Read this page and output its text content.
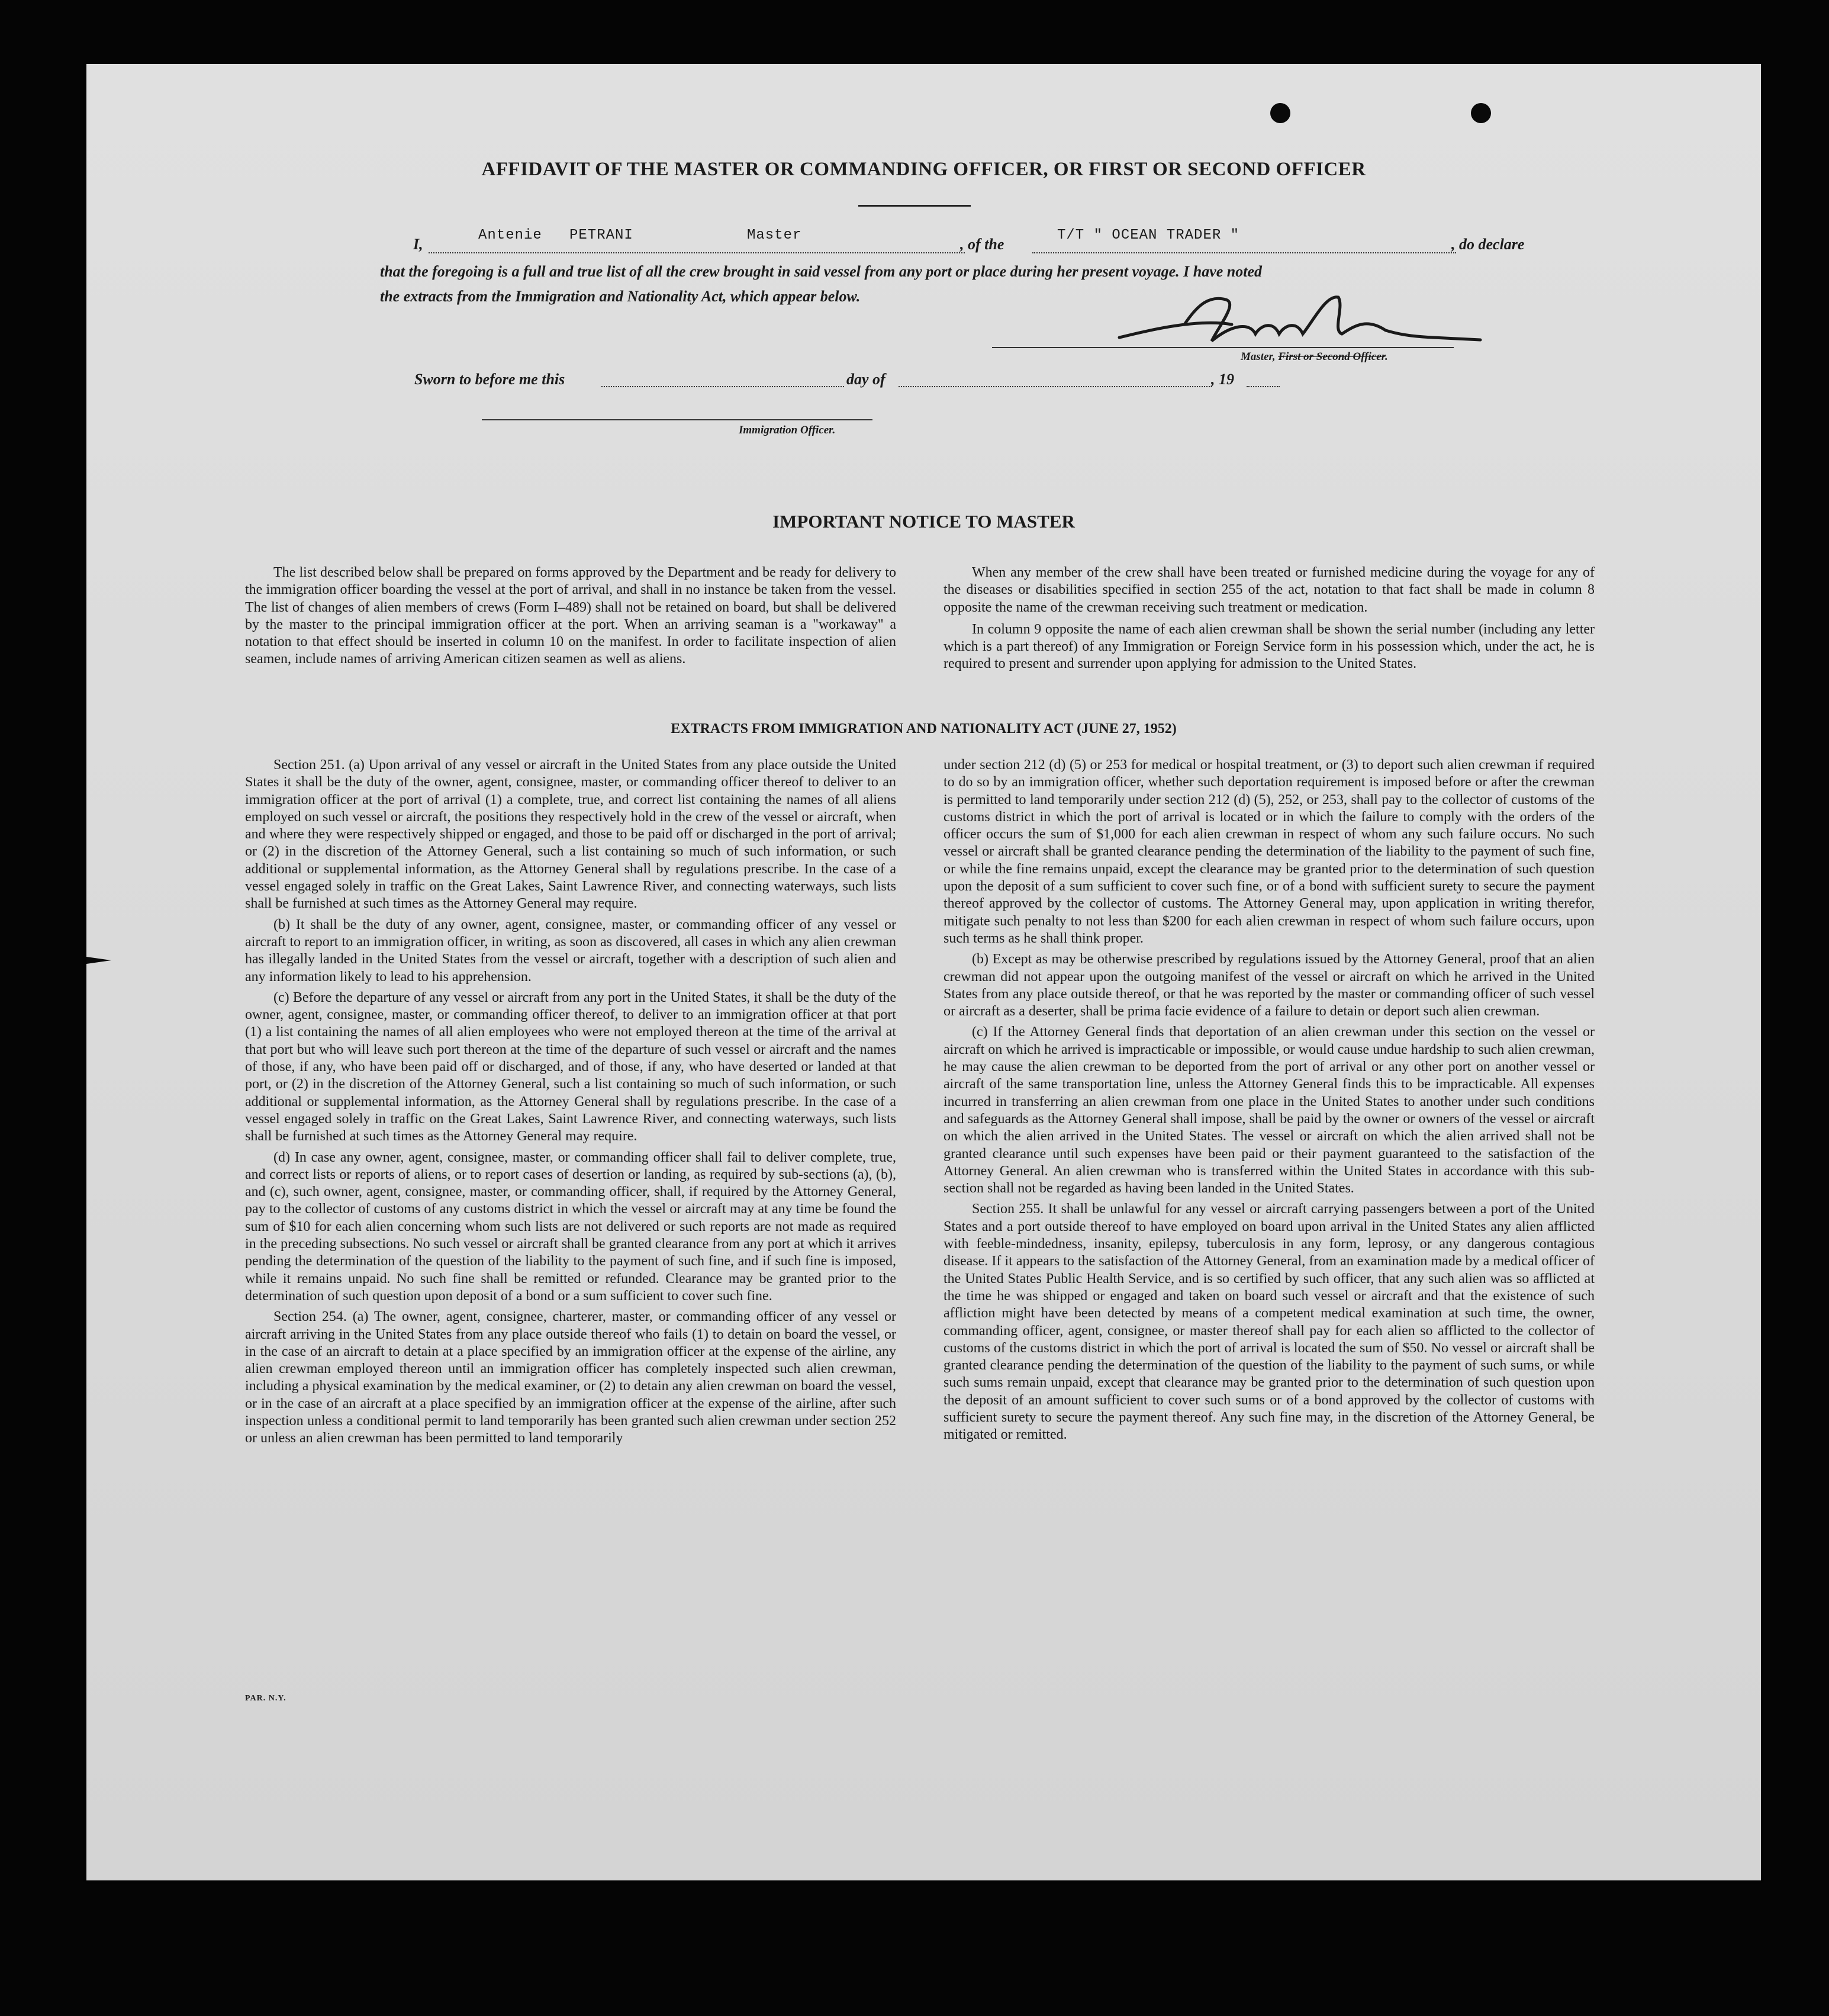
AFFIDAVIT OF THE MASTER OR COMMANDING OFFICER, OR FIRST OR SECOND OFFICER
I,
Antenie PETRANI	Master
, of the
T/T " OCEAN TRADER "
, do declare
that the foregoing is a full and true list of all the crew brought in said vessel from any port or place during her present voyage. I have noted
the extracts from the Immigration and Nationality Act, which appear below.
Master, First or Second Officer.
Sworn to before me this	day of	, 19
Immigration Officer.
IMPORTANT NOTICE TO MASTER

The list described below shall be prepared on forms approved by the Department and be ready for delivery to the immigration officer boarding the vessel at the port of arrival, and shall in no instance be taken from the vessel. The list of changes of alien members of crews (Form I–489) shall not be retained on board, but shall be delivered by the master to the principal immigration officer at the port. When an arriving seaman is a "workaway" a notation to that effect should be inserted in column 10 on the manifest. In order to facilitate inspection of alien seamen, include names of arriving American citizen seamen as well as aliens.

When any member of the crew shall have been treated or furnished medicine during the voyage for any of the diseases or disabilities specified in section 255 of the act, notation to that fact shall be made in column 8 opposite the name of the crewman receiving such treatment or medication.

In column 9 opposite the name of each alien crewman shall be shown the serial number (including any letter which is a part thereof) of any Immigration or Foreign Service form in his possession which, under the act, he is required to present and surrender upon applying for admission to the United States.

EXTRACTS FROM IMMIGRATION AND NATIONALITY ACT (JUNE 27, 1952)

Section 251. (a) Upon arrival of any vessel or aircraft in the United States from any place outside the United States it shall be the duty of the owner, agent, consignee, master, or commanding officer thereof to deliver to an immigration officer at the port of arrival (1) a complete, true, and correct list containing the names of all aliens employed on such vessel or aircraft, the positions they respectively hold in the crew of the vessel or aircraft, when and where they were respectively shipped or engaged, and those to be paid off or discharged in the port of arrival; or (2) in the discretion of the Attorney General, such a list containing so much of such information, or such additional or supplemental information, as the Attorney General shall by regulations prescribe. In the case of a vessel engaged solely in traffic on the Great Lakes, Saint Lawrence River, and connecting waterways, such lists shall be furnished at such times as the Attorney General may require.

(b) It shall be the duty of any owner, agent, consignee, master, or commanding officer of any vessel or aircraft to report to an immigration officer, in writing, as soon as discovered, all cases in which any alien crewman has illegally landed in the United States from the vessel or aircraft, together with a description of such alien and any information likely to lead to his apprehension.

(c) Before the departure of any vessel or aircraft from any port in the United States, it shall be the duty of the owner, agent, consignee, master, or commanding officer thereof, to deliver to an immigration officer at that port (1) a list containing the names of all alien employees who were not employed thereon at the time of the arrival at that port but who will leave such port thereon at the time of the departure of such vessel or aircraft and the names of those, if any, who have been paid off or discharged, and of those, if any, who have deserted or landed at that port, or (2) in the discretion of the Attorney General, such a list containing so much of such information, or such additional or supplemental information, as the Attorney General shall by regulations prescribe. In the case of a vessel engaged solely in traffic on the Great Lakes, Saint Lawrence River, and connecting waterways, such lists shall be furnished at such times as the Attorney General may require.

(d) In case any owner, agent, consignee, master, or commanding officer shall fail to deliver complete, true, and correct lists or reports of aliens, or to report cases of desertion or landing, as required by sub-sections (a), (b), and (c), such owner, agent, consignee, master, or commanding officer, shall, if required by the Attorney General, pay to the collector of customs of any customs district in which the vessel or aircraft may at any time be found the sum of $10 for each alien concerning whom such lists are not delivered or such reports are not made as required in the preceding subsections. No such vessel or aircraft shall be granted clearance from any port at which it arrives pending the determination of the question of the liability to the payment of such fine, and if such fine is imposed, while it remains unpaid. No such fine shall be remitted or refunded. Clearance may be granted prior to the determination of such question upon deposit of a bond or a sum sufficient to cover such fine.

Section 254. (a) The owner, agent, consignee, charterer, master, or commanding officer of any vessel or aircraft arriving in the United States from any place outside thereof who fails (1) to detain on board the vessel, or in the case of an aircraft to detain at a place specified by an immigration officer at the expense of the airline, any alien crewman employed thereon until an immigration officer has completely inspected such alien crewman, including a physical examination by the medical examiner, or (2) to detain any alien crewman on board the vessel, or in the case of an aircraft at a place specified by an immigration officer at the expense of the airline, after such inspection unless a conditional permit to land temporarily has been granted such alien crewman under section 252 or unless an alien crewman has been permitted to land temporarily

under section 212 (d) (5) or 253 for medical or hospital treatment, or (3) to deport such alien crewman if required to do so by an immigration officer, whether such deportation requirement is imposed before or after the crewman is permitted to land temporarily under section 212 (d) (5), 252, or 253, shall pay to the collector of customs of the customs district in which the port of arrival is located or in which the failure to comply with the orders of the officer occurs the sum of $1,000 for each alien crewman in respect of whom any such failure occurs. No such vessel or aircraft shall be granted clearance pending the determination of the liability to the payment of such fine, or while the fine remains unpaid, except the clearance may be granted prior to the determination of such question upon the deposit of a sum sufficient to cover such fine, or of a bond with sufficient surety to secure the payment thereof approved by the collector of customs. The Attorney General may, upon application in writing therefor, mitigate such penalty to not less than $200 for each alien crewman in respect of whom such failure occurs, upon such terms as he shall think proper.

(b) Except as may be otherwise prescribed by regulations issued by the Attorney General, proof that an alien crewman did not appear upon the outgoing manifest of the vessel or aircraft on which he arrived in the United States from any place outside thereof, or that he was reported by the master or commanding officer of such vessel or aircraft as a deserter, shall be prima facie evidence of a failure to detain or deport such alien crewman.

(c) If the Attorney General finds that deportation of an alien crewman under this section on the vessel or aircraft on which he arrived is impracticable or impossible, or would cause undue hardship to such alien crewman, he may cause the alien crewman to be deported from the port of arrival or any other port on another vessel or aircraft of the same transportation line, unless the Attorney General finds this to be impracticable. All expenses incurred in transferring an alien crewman from one place in the United States to another under such conditions and safeguards as the Attorney General shall impose, shall be paid by the owner or owners of the vessel or aircraft on which the alien arrived in the United States. The vessel or aircraft on which the alien arrived shall not be granted clearance until such expenses have been paid or their payment guaranteed to the satisfaction of the Attorney General. An alien crewman who is transferred within the United States in accordance with this sub-section shall not be regarded as having been landed in the United States.

Section 255. It shall be unlawful for any vessel or aircraft carrying passengers between a port of the United States and a port outside thereof to have employed on board upon arrival in the United States any alien afflicted with feeble-mindedness, insanity, epilepsy, tuberculosis in any form, leprosy, or any dangerous contagious disease. If it appears to the satisfaction of the Attorney General, from an examination made by a medical officer of the United States Public Health Service, and is so certified by such officer, that any such alien was so afflicted at the time he was shipped or engaged and taken on board such vessel or aircraft and that the existence of such affliction might have been detected by means of a competent medical examination at such time, the owner, commanding officer, agent, consignee, or master thereof shall pay for each alien so afflicted to the collector of customs of the customs district in which the port of arrival is located the sum of $50. No vessel or aircraft shall be granted clearance pending the determination of the question of the liability to the payment of such sums, or while such sums remain unpaid, except that clearance may be granted prior to the determination of such question upon the deposit of an amount sufficient to cover such sums or of a bond approved by the collector of customs with sufficient surety to secure the payment thereof. Any such fine may, in the discretion of the Attorney General, be mitigated or remitted.

PAR. N.Y.
